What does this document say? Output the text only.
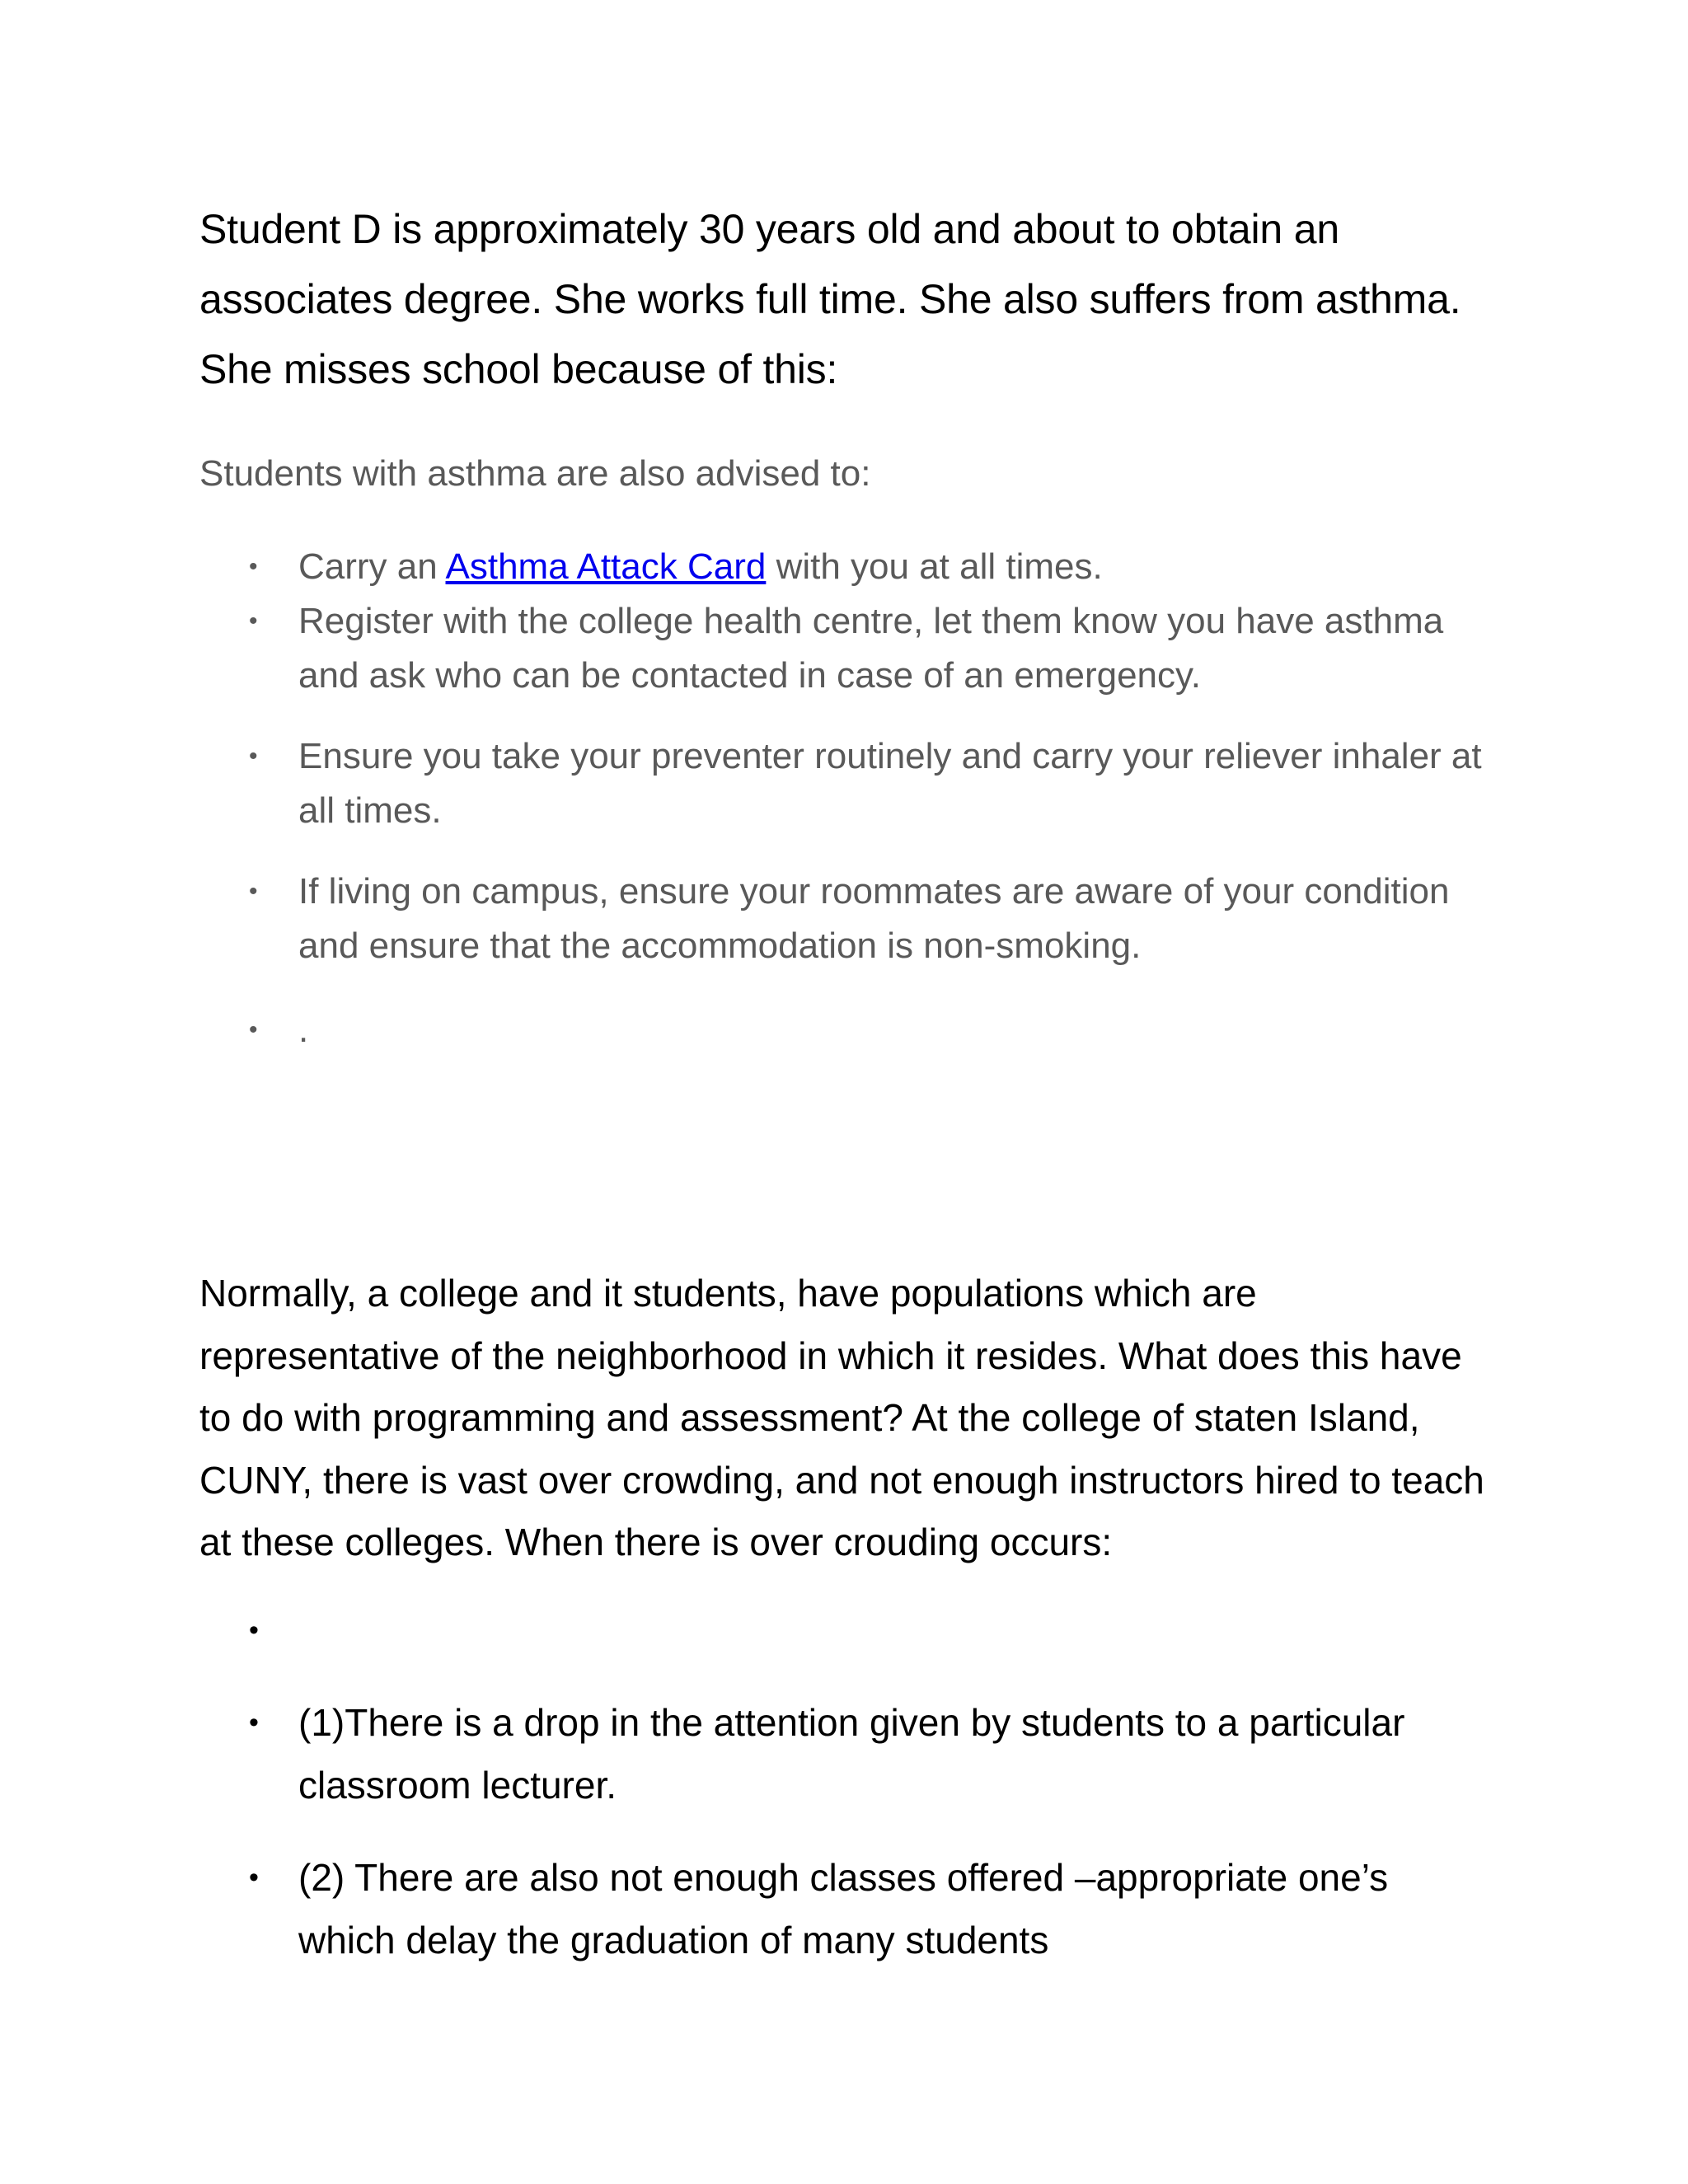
Student D is approximately 30 years old and about to obtain an associates degree. She works full time. She also suffers from asthma. She misses school because of this:
Students with asthma are also advised to:
• Carry an Asthma Attack Card with you at all times.
• Register with the college health centre, let them know you have asthma and ask who can be contacted in case of an emergency.
• Ensure you take your preventer routinely and carry your reliever inhaler at all times.
• If living on campus, ensure your roommates are aware of your condition and ensure that the accommodation is non-smoking.
• .
Normally, a college and it students, have populations which are representative of the neighborhood in which it resides. What does this have to do with programming and assessment? At the college of staten Island, CUNY, there is vast over crowding, and not enough instructors hired to teach at these colleges. When there is over crouding occurs:
•

• (1)There is a drop in the attention given by students to a particular classroom lecturer.
• (2) There are also not enough classes offered –appropriate one’s which delay the graduation of many students
